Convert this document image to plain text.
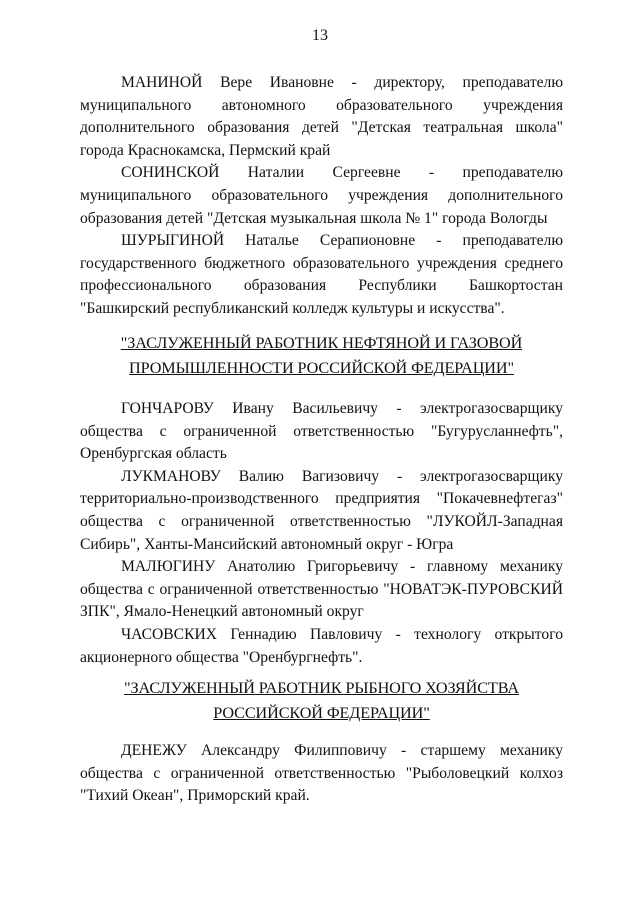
13

МАНИНОЙ Вере Ивановне - директору, преподавателю муниципального автономного образовательного учреждения дополнительного образования детей "Детская театральная школа" города Краснокамска, Пермский край

СОНИНСКОЙ Наталии Сергеевне - преподавателю муниципального образовательного учреждения дополнительного образования детей "Детская музыкальная школа № 1" города Вологды

ШУРЫГИНОЙ Наталье Серапионовне - преподавателю государственного бюджетного образовательного учреждения среднего профессионального образования Республики Башкортостан "Башкирский республиканский колледж культуры и искусства".

"ЗАСЛУЖЕННЫЙ РАБОТНИК НЕФТЯНОЙ И ГАЗОВОЙ
ПРОМЫШЛЕННОСТИ РОССИЙСКОЙ ФЕДЕРАЦИИ"

ГОНЧАРОВУ Ивану Васильевичу - электрогазосварщику общества с ограниченной ответственностью "Бугурусланнефть", Оренбургская область

ЛУКМАНОВУ Валию Вагизовичу - электрогазосварщику территориально-производственного предприятия "Покачевнефтегаз" общества с ограниченной ответственностью "ЛУКОЙЛ-Западная Сибирь", Ханты-Мансийский автономный округ - Югра

МАЛЮГИНУ Анатолию Григорьевичу - главному механику общества с ограниченной ответственностью "НОВАТЭК-ПУРОВСКИЙ ЗПК", Ямало-Ненецкий автономный округ

ЧАСОВСКИХ Геннадию Павловичу - технологу открытого акционерного общества "Оренбургнефть".

"ЗАСЛУЖЕННЫЙ РАБОТНИК РЫБНОГО ХОЗЯЙСТВА
РОССИЙСКОЙ ФЕДЕРАЦИИ"

ДЕНЕЖУ Александру Филипповичу - старшему механику общества с ограниченной ответственностью "Рыболовецкий колхоз "Тихий Океан", Приморский край.
